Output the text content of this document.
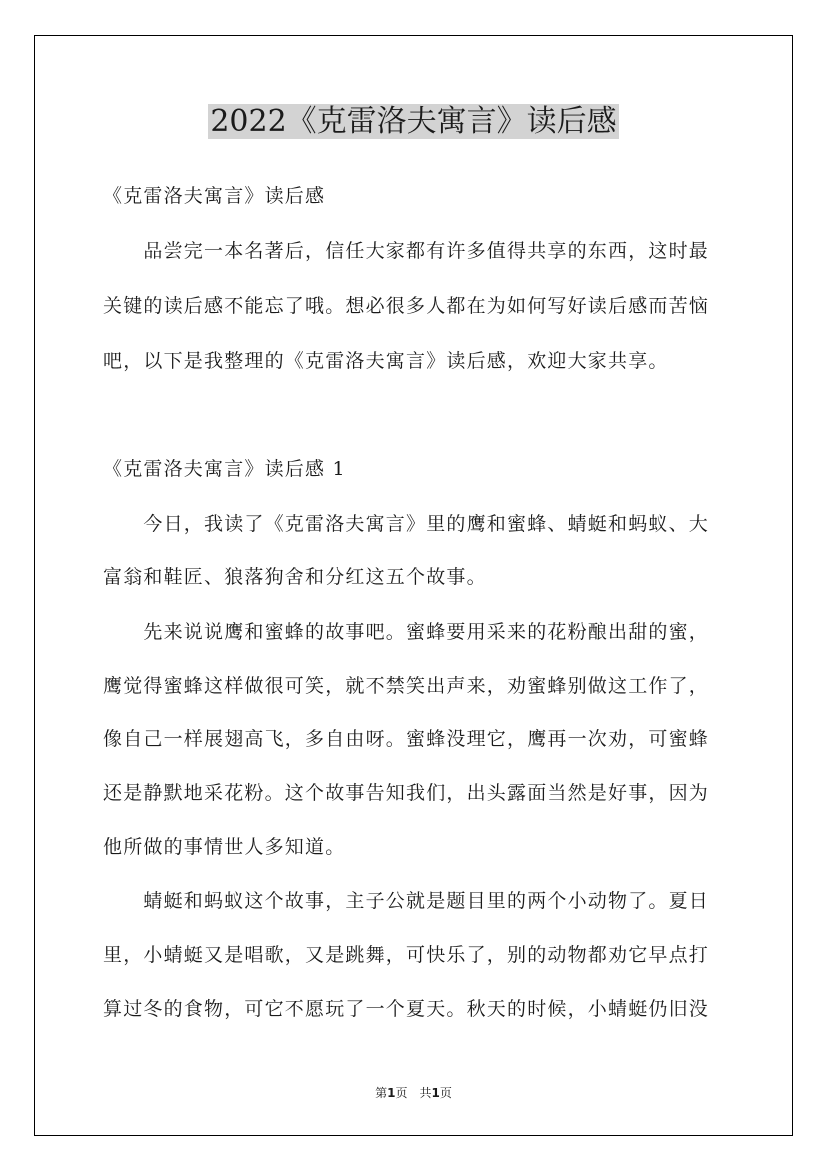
2022《克雷洛夫寓言》读后感
《克雷洛夫寓言》读后感
　　品尝完一本名著后，信任大家都有许多值得共享的东西，这时最
关键的读后感不能忘了哦。想必很多人都在为如何写好读后感而苦恼
吧，以下是我整理的《克雷洛夫寓言》读后感，欢迎大家共享。
《克雷洛夫寓言》读后感 1
　　今日，我读了《克雷洛夫寓言》里的鹰和蜜蜂、蜻蜓和蚂蚁、大
富翁和鞋匠、狼落狗舍和分红这五个故事。
　　先来说说鹰和蜜蜂的故事吧。蜜蜂要用采来的花粉酿出甜的蜜，
鹰觉得蜜蜂这样做很可笑，就不禁笑出声来，劝蜜蜂别做这工作了，
像自己一样展翅高飞，多自由呀。蜜蜂没理它，鹰再一次劝，可蜜蜂
还是静默地采花粉。这个故事告知我们，出头露面当然是好事，因为
他所做的事情世人多知道。
　　蜻蜓和蚂蚁这个故事，主子公就是题目里的两个小动物了。夏日
里，小蜻蜓又是唱歌，又是跳舞，可快乐了，别的动物都劝它早点打
算过冬的食物，可它不愿玩了一个夏天。秋天的时候，小蜻蜓仍旧没
第1页 共1页
